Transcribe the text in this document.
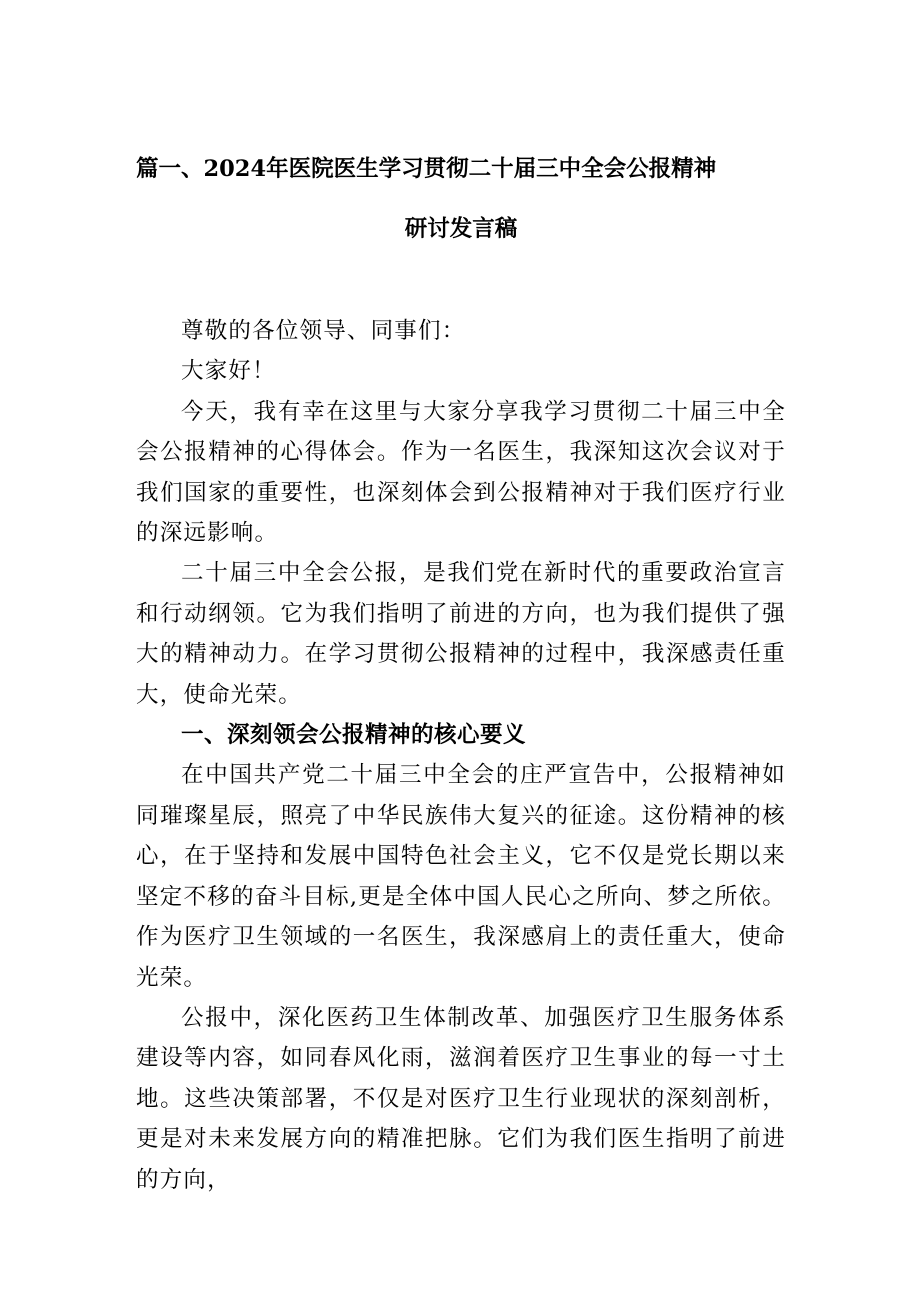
篇一、2024年医院医生学习贯彻二十届三中全会公报精神
研讨发言稿

尊敬的各位领导、同事们：

大家好！

今天，我有幸在这里与大家分享我学习贯彻二十届三中全会公报精神的心得体会。作为一名医生，我深知这次会议对于我们国家的重要性，也深刻体会到公报精神对于我们医疗行业的深远影响。

二十届三中全会公报，是我们党在新时代的重要政治宣言和行动纲领。它为我们指明了前进的方向，也为我们提供了强大的精神动力。在学习贯彻公报精神的过程中，我深感责任重大，使命光荣。

一、深刻领会公报精神的核心要义

在中国共产党二十届三中全会的庄严宣告中，公报精神如同璀璨星辰，照亮了中华民族伟大复兴的征途。这份精神的核心，在于坚持和发展中国特色社会主义，它不仅是党长期以来坚定不移的奋斗目标,更是全体中国人民心之所向、梦之所依。作为医疗卫生领域的一名医生，我深感肩上的责任重大，使命光荣。

公报中，深化医药卫生体制改革、加强医疗卫生服务体系建设等内容，如同春风化雨，滋润着医疗卫生事业的每一寸土地。这些决策部署，不仅是对医疗卫生行业现状的深刻剖析，更是对未来发展方向的精准把脉。它们为我们医生指明了前进的方向，
